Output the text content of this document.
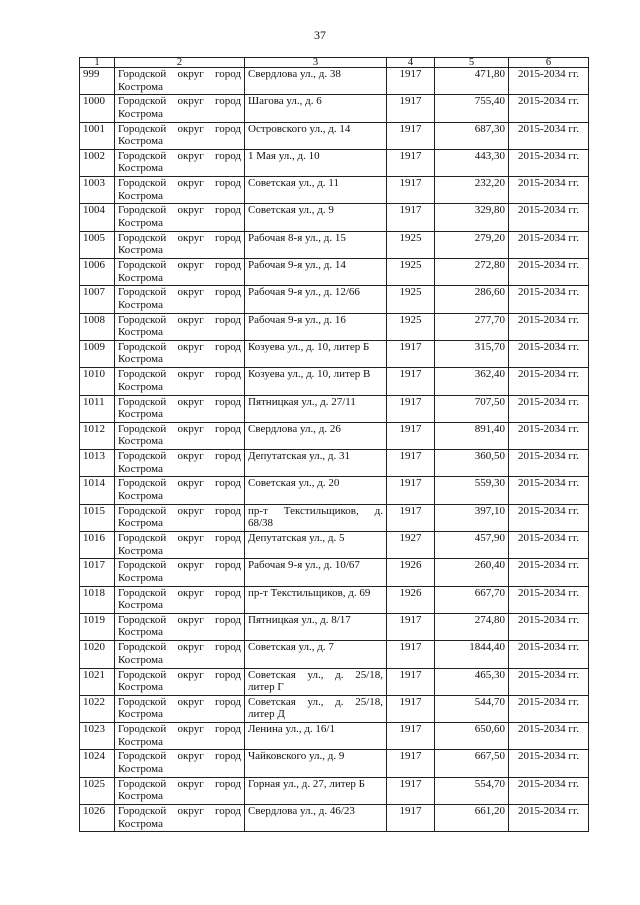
37
1	2	3	4	5	6
999	Городской округ город Кострома	Свердлова ул., д. 38	1917	471,80	2015-2034 гг.
1000	Городской округ город Кострома	Шагова ул., д. 6	1917	755,40	2015-2034 гг.
1001	Городской округ город Кострома	Островского ул., д. 14	1917	687,30	2015-2034 гг.
1002	Городской округ город Кострома	1 Мая ул., д. 10	1917	443,30	2015-2034 гг.
1003	Городской округ город Кострома	Советская ул., д. 11	1917	232,20	2015-2034 гг.
1004	Городской округ город Кострома	Советская ул., д. 9	1917	329,80	2015-2034 гг.
1005	Городской округ город Кострома	Рабочая 8-я ул., д. 15	1925	279,20	2015-2034 гг.
1006	Городской округ город Кострома	Рабочая 9-я ул., д. 14	1925	272,80	2015-2034 гг.
1007	Городской округ город Кострома	Рабочая 9-я ул., д. 12/66	1925	286,60	2015-2034 гг.
1008	Городской округ город Кострома	Рабочая 9-я ул., д. 16	1925	277,70	2015-2034 гг.
1009	Городской округ город Кострома	Козуева ул., д. 10, литер Б	1917	315,70	2015-2034 гг.
1010	Городской округ город Кострома	Козуева ул., д. 10, литер В	1917	362,40	2015-2034 гг.
1011	Городской округ город Кострома	Пятницкая ул., д. 27/11	1917	707,50	2015-2034 гг.
1012	Городской округ город Кострома	Свердлова ул., д. 26	1917	891,40	2015-2034 гг.
1013	Городской округ город Кострома	Депутатская ул., д. 31	1917	360,50	2015-2034 гг.
1014	Городской округ город Кострома	Советская ул., д. 20	1917	559,30	2015-2034 гг.
1015	Городской округ город Кострома	пр-т Текстильщиков, д. 68/38	1917	397,10	2015-2034 гг.
1016	Городской округ город Кострома	Депутатская ул., д. 5	1927	457,90	2015-2034 гг.
1017	Городской округ город Кострома	Рабочая 9-я ул., д. 10/67	1926	260,40	2015-2034 гг.
1018	Городской округ город Кострома	пр-т Текстильщиков, д. 69	1926	667,70	2015-2034 гг.
1019	Городской округ город Кострома	Пятницкая ул., д. 8/17	1917	274,80	2015-2034 гг.
1020	Городской округ город Кострома	Советская ул., д. 7	1917	1844,40	2015-2034 гг.
1021	Городской округ город Кострома	Советская ул., д. 25/18, литер Г	1917	465,30	2015-2034 гг.
1022	Городской округ город Кострома	Советская ул., д. 25/18, литер Д	1917	544,70	2015-2034 гг.
1023	Городской округ город Кострома	Ленина ул., д. 16/1	1917	650,60	2015-2034 гг.
1024	Городской округ город Кострома	Чайковского ул., д. 9	1917	667,50	2015-2034 гг.
1025	Городской округ город Кострома	Горная ул., д. 27, литер Б	1917	554,70	2015-2034 гг.
1026	Городской округ город Кострома	Свердлова ул., д. 46/23	1917	661,20	2015-2034 гг.
